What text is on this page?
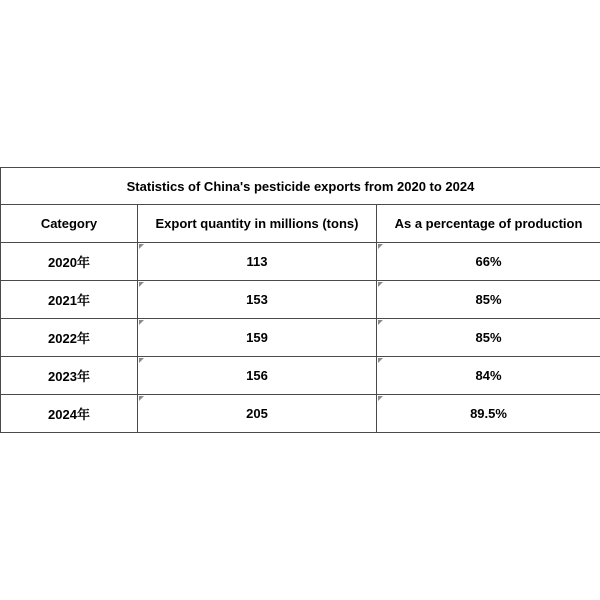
Statistics of China's pesticide exports from 2020 to 2024		
Category	Export quantity in millions (tons)	As a percentage of production
2020年	113	66%
2021年	153	85%
2022年	159	85%
2023年	156	84%
2024年	205	89.5%
